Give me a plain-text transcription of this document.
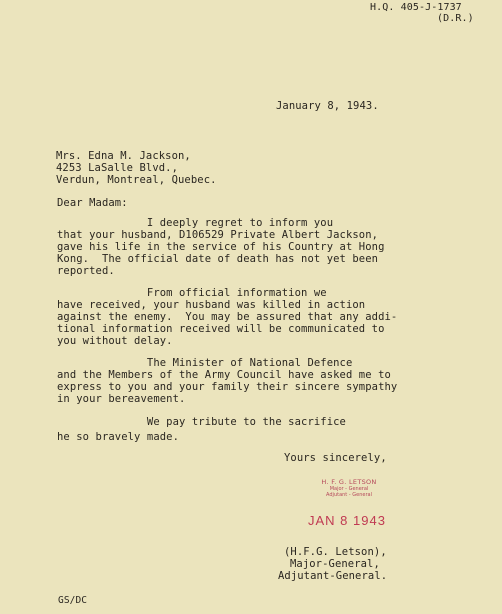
H.Q. 405-J-1737
(D.R.)
January 8, 1943.
Mrs. Edna M. Jackson,
4253 LaSalle Blvd.,
Verdun, Montreal, Quebec.
Dear Madam:
I deeply regret to inform you
that your husband, D106529 Private Albert Jackson,
gave his life in the service of his Country at Hong
Kong.  The official date of death has not yet been
reported.
From official information we
have received, your husband was killed in action
against the enemy.  You may be assured that any addi-
tional information received will be communicated to
you without delay.
The Minister of National Defence
and the Members of the Army Council have asked me to
express to you and your family their sincere sympathy
in your bereavement.
We pay tribute to the sacrifice
he so bravely made.
Yours sincerely,
H. F. G. LETSON
Major - General
Adjutant - General
JAN 8 1943
(H.F.G. Letson),
Major-General,
Adjutant-General.
GS/DC
